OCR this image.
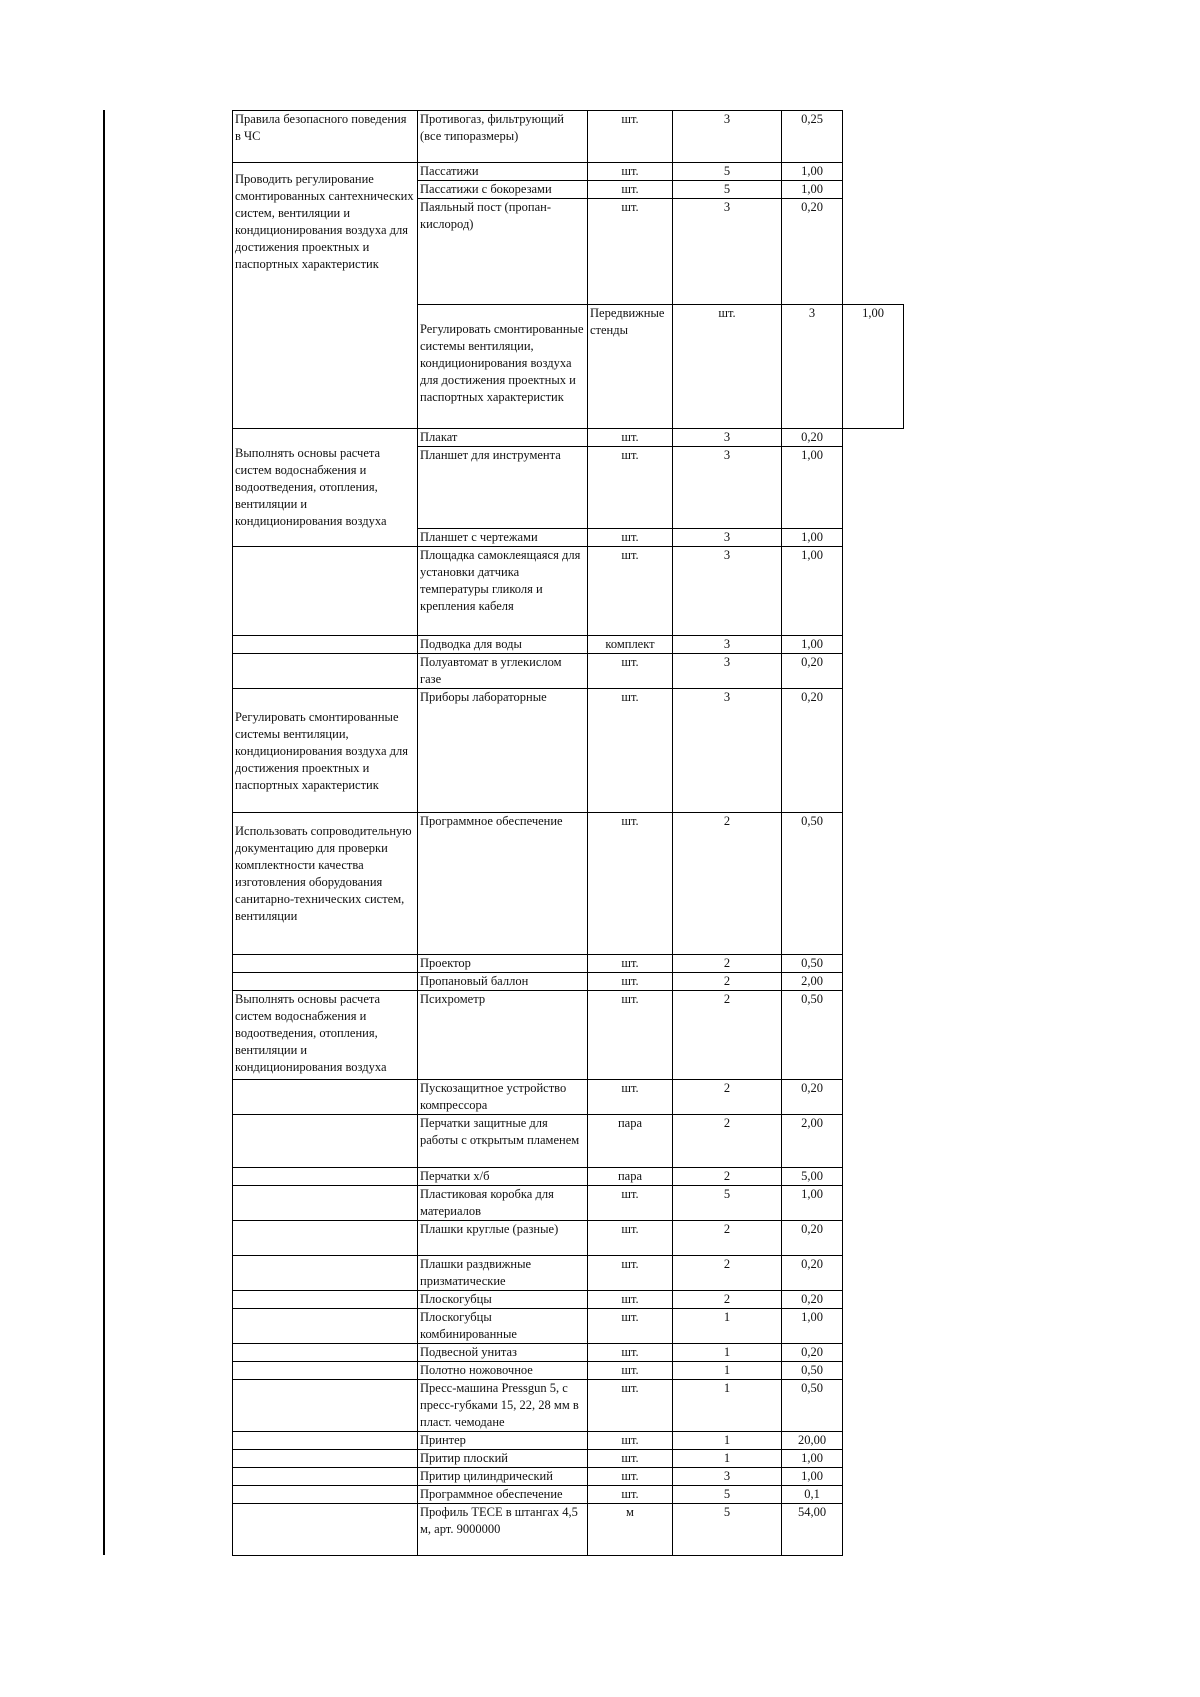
Правила безопасного поведения в ЧС	Противогаз, фильтрующий (все типоразмеры)	шт.	3	0,25	

Проводить регулирование смонтированных сантехнических систем, вентиляции и кондиционирования воздуха для достижения проектных и паспортных характеристик	Пассатижи	шт.	5	1,00	
	Пассатижи с бокорезами	шт.	5	1,00	
	Паяльный пост (пропан-кислород)	шт.	3	0,20	

	Регулировать смонтированные системы вентиляции, кондиционирования воздуха для достижения проектных и паспортных характеристик	Передвижные стенды	шт.	3	1,00

Выполнять основы расчета систем водоснабжения и водоотведения, отопления, вентиляции и кондиционирования воздуха	Плакат	шт.	3	0,20	
	Планшет для инструмента	шт.	3	1,00	
	Планшет с чертежами	шт.	3	1,00	

	Площадка самоклеящаяся для установки датчика температуры гликоля и крепления кабеля	шт.	3	1,00	

	Подводка для воды	комплект	3	1,00	

	Полуавтомат в углекислом газе	шт.	3	0,20	

Регулировать смонтированные системы вентиляции, кондиционирования воздуха для достижения проектных и паспортных характеристик	Приборы лабораторные	шт.	3	0,20	

Использовать сопроводительную документацию для проверки комплектности качества изготовления оборудования санитарно-технических систем, вентиляции	Программное обеспечение	шт.	2	0,50	

	Проектор	шт.	2	0,50	

	Пропановый баллон	шт.	2	2,00	

Выполнять основы расчета систем водоснабжения и водоотведения, отопления, вентиляции и кондиционирования воздуха	Психрометр	шт.	2	0,50	

	Пускозащитное устройство компрессора	шт.	2	0,20	

	Перчатки защитные для работы с открытым пламенем	пара	2	2,00	

	Перчатки х/б	пара	2	5,00	

	Пластиковая коробка для материалов	шт.	5	1,00	

	Плашки круглые (разные)	шт.	2	0,20	

	Плашки раздвижные призматические	шт.	2	0,20	

	Плоскогубцы	шт.	2	0,20	

	Плоскогубцы комбинированные	шт.	1	1,00	

	Подвесной унитаз	шт.	1	0,20	

	Полотно ножовочное	шт.	1	0,50	

	Пресс-машина Pressgun 5, с пресс-губками 15, 22, 28 мм в пласт. чемодане	шт.	1	0,50	

	Принтер	шт.	1	20,00	

	Притир плоский	шт.	1	1,00	

	Притир цилиндрический	шт.	3	1,00	

	Программное обеспечение	шт.	5	0,1	

	Профиль TECE в штангах 4,5 м, арт. 9000000	м	5	54,00	
